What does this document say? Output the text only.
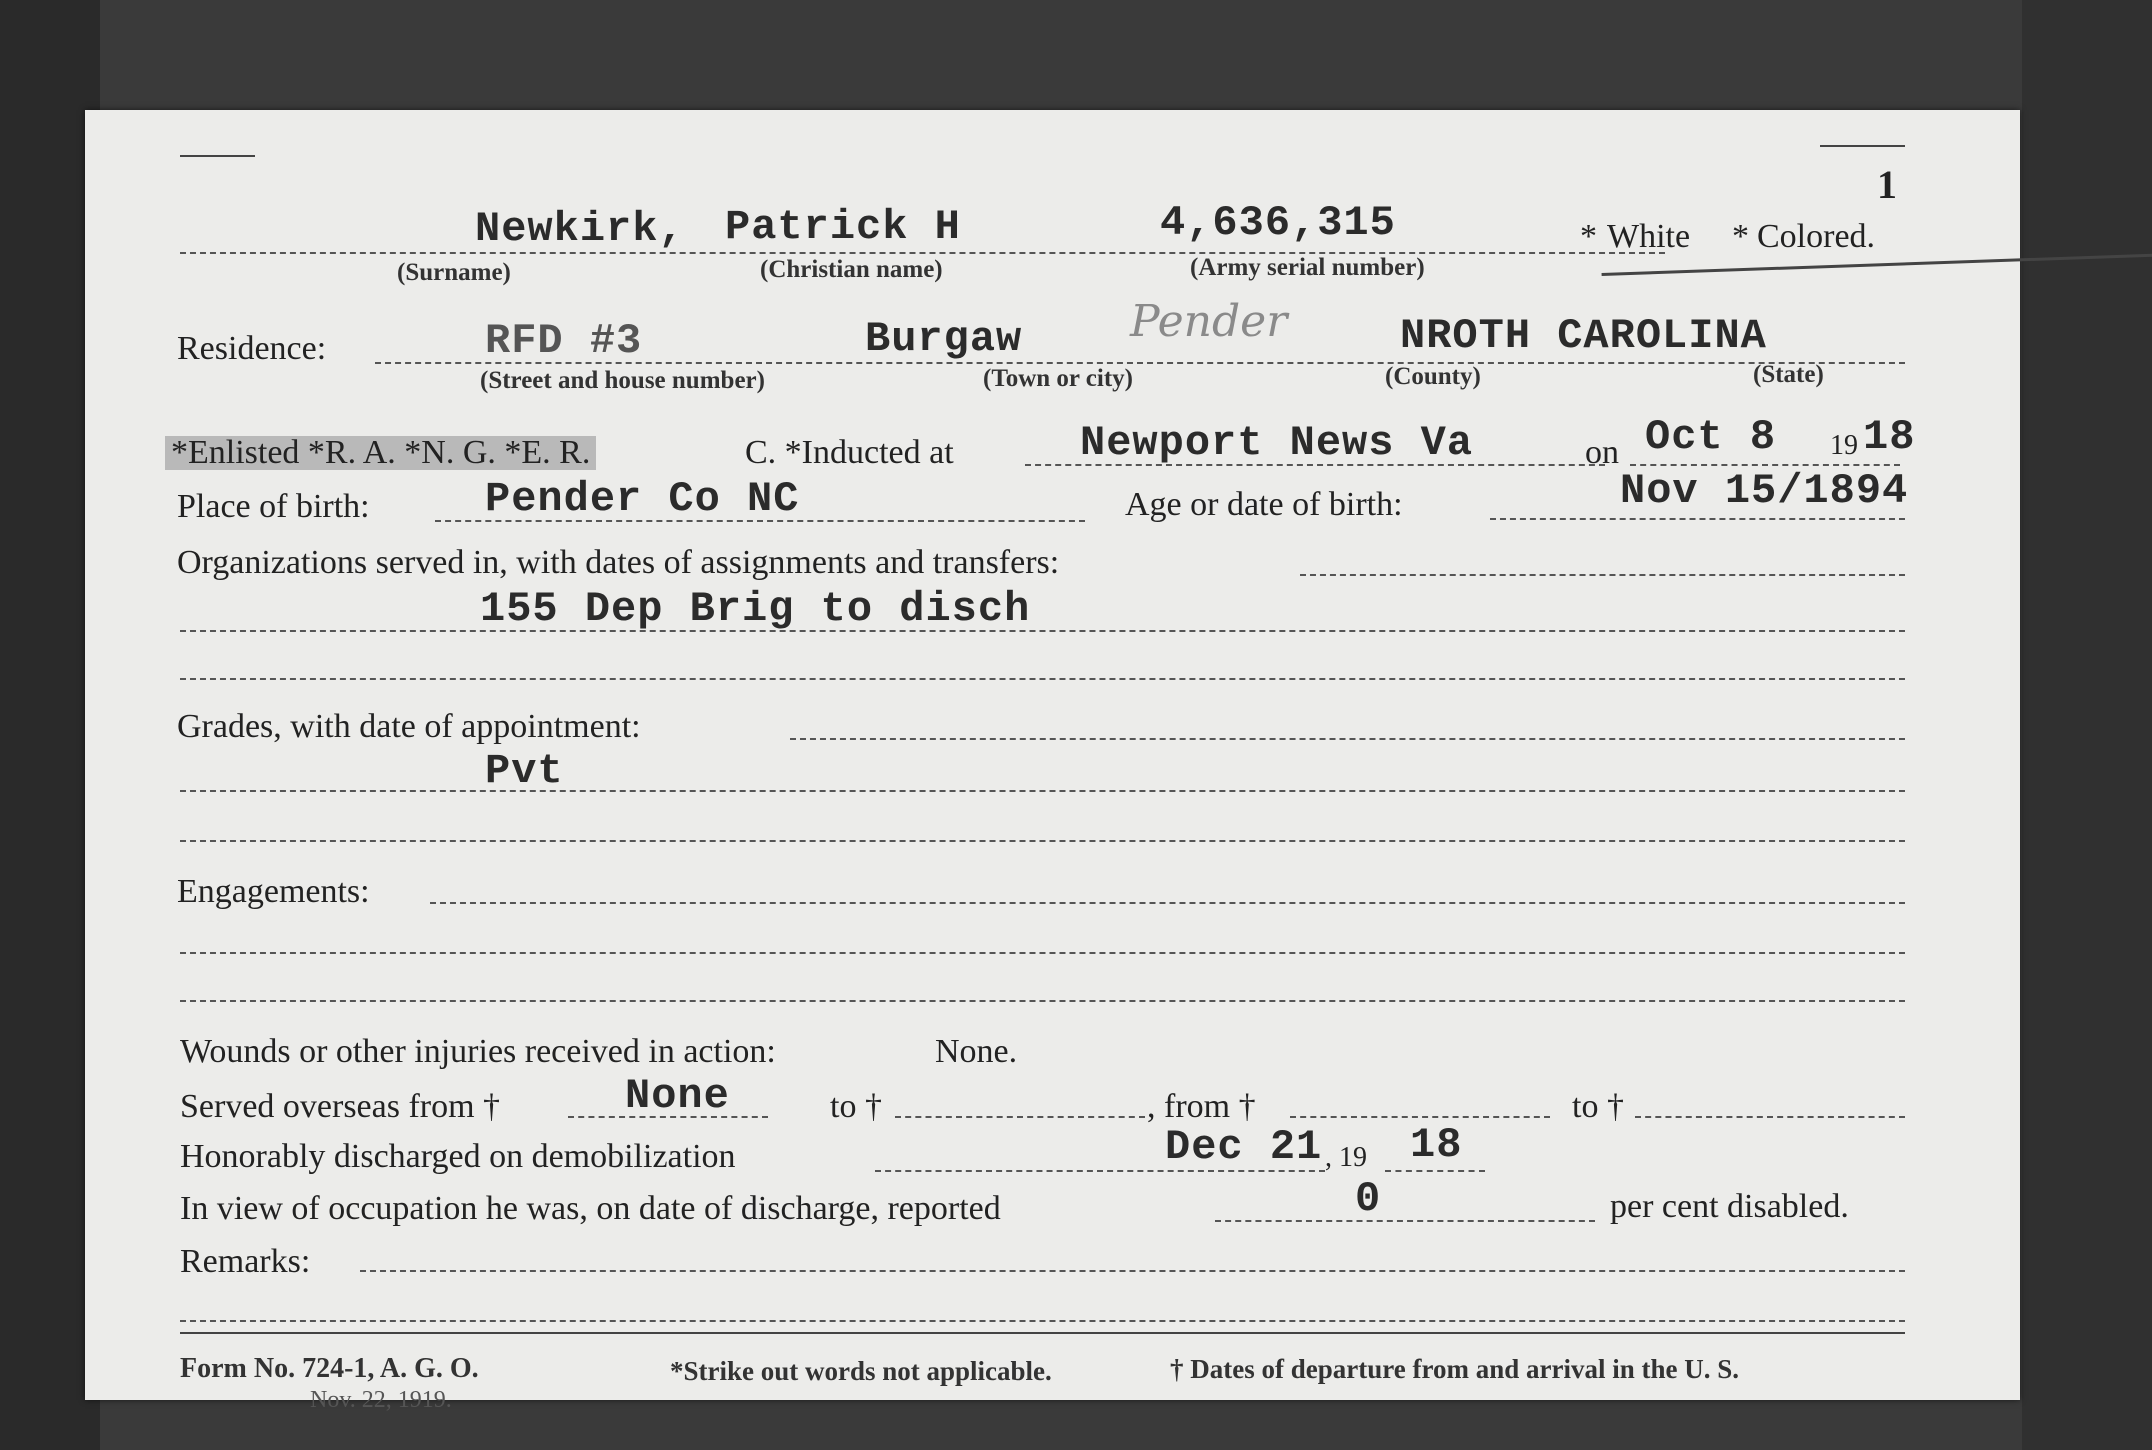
1
Newkirk, Patrick H	4,636,315	* White	* Colored.
(Surname)	(Christian name)	(Army serial number)
Residence:	RFD #3	Burgaw Pender	NROTH CAROLINA
(Street and house number)	(Town or city)	(County)	(State)
*Enlisted *R. A. *N. G. *E. R.	C. *Inducted at	Newport News Va	on Oct 8 19 18
Place of birth:	Pender Co NC	Age or date of birth:	Nov 15/1894
Organizations served in, with dates of assignments and transfers:
155 Dep Brig to disch
Grades, with date of appointment:
Pvt
Engagements:
Wounds or other injuries received in action:	None.
Served overseas from †	None	to †	, from †	to †
Honorably discharged on demobilization	Dec 21 , 19 18
In view of occupation he was, on date of discharge, reported	0	per cent disabled.
Remarks:
Form No. 724-1, A. G. O.	*Strike out words not applicable.	† Dates of departure from and arrival in the U. S.
Nov. 22, 1919.
